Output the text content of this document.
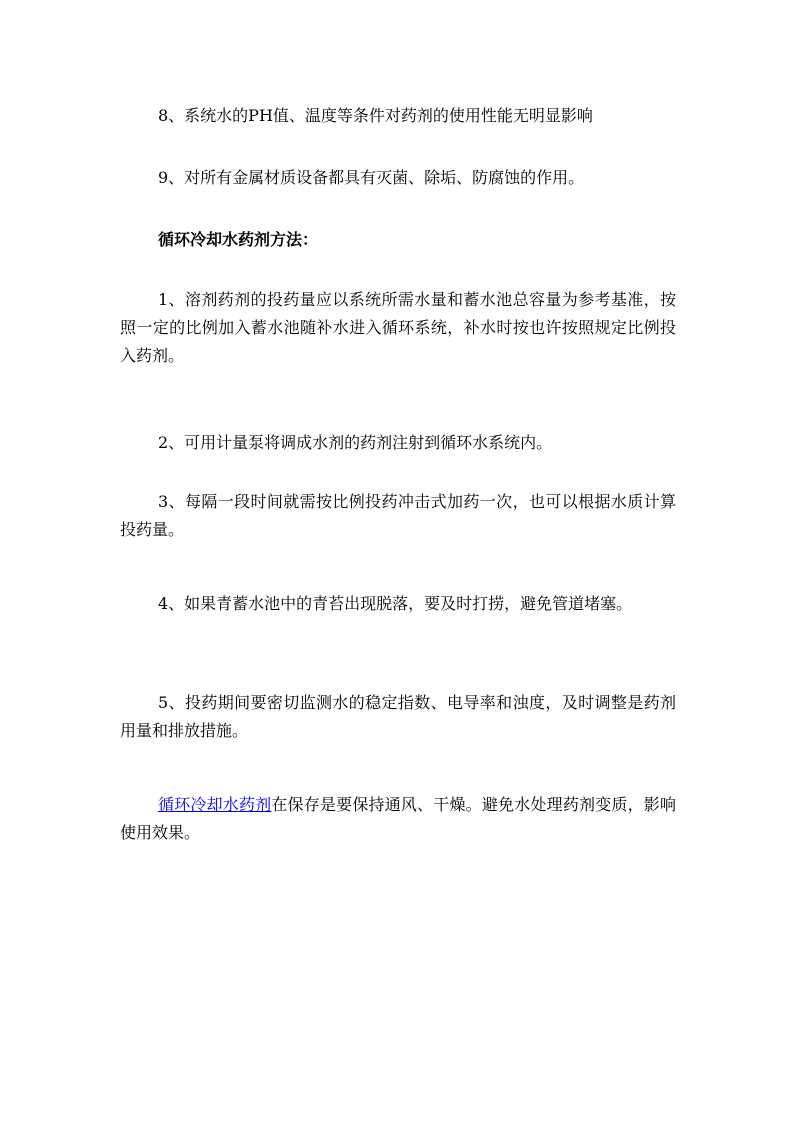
8、系统水的PH值、温度等条件对药剂的使用性能无明显影响

9、对所有金属材质设备都具有灭菌、除垢、防腐蚀的作用。

循环冷却水药剂方法：

1、溶剂药剂的投药量应以系统所需水量和蓄水池总容量为参考基准，按照一定的比例加入蓄水池随补水进入循环系统，补水时按也许按照规定比例投入药剂。

2、可用计量泵将调成水剂的药剂注射到循环水系统内。

3、每隔一段时间就需按比例投药冲击式加药一次，也可以根据水质计算投药量。

4、如果青蓄水池中的青苔出现脱落，要及时打捞，避免管道堵塞。

5、投药期间要密切监测水的稳定指数、电导率和浊度，及时调整是药剂用量和排放措施。

循环冷却水药剂在保存是要保持通风、干燥。避免水处理药剂变质，影响使用效果。
